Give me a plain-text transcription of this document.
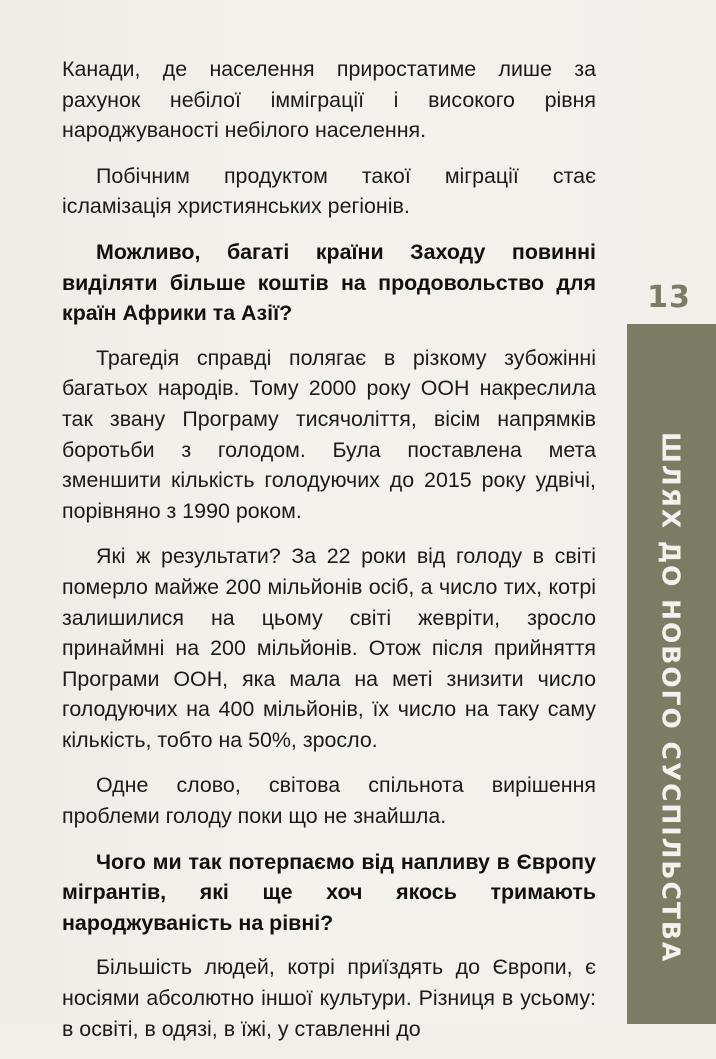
Канади, де населення приростатиме лише за рахунок небілої імміграції і високого рівня народжуваності небілого населення.

Побічним продуктом такої міграції стає ісламізація християнських регіонів.

Можливо, багаті країни Заходу повинні виділяти більше коштів на продовольство для країн Африки та Азії?

Трагедія справді полягає в різкому зубожінні багатьох народів. Тому 2000 року ООН накреслила так звану Програму тисячоліття, вісім напрямків боротьби з голодом. Була поставлена мета зменшити кількість голодуючих до 2015 року удвічі, порівняно з 1990 роком.

Які ж результати? За 22 роки від голоду в світі померло майже 200 мільйонів осіб, а число тих, котрі залишилися на цьому світі жевріти, зросло принаймні на 200 мільйонів. Отож після прийняття Програми ООН, яка мала на меті знизити число голодуючих на 400 мільйонів, їх число на таку саму кількість, тобто на 50%, зросло.

Одне слово, світова спільнота вирішення проблеми голоду поки що не знайшла.

Чого ми так потерпаємо від напливу в Європу мігрантів, які ще хоч якось тримають народжуваність на рівні?

Більшість людей, котрі приїздять до Європи, є носіями абсолютно іншої культури. Різниця в усьому: в освіті, в одязі, в їжі, у ставленні до

13
ШЛЯХ ДО НОВОГО СУСПІЛЬСТВА
